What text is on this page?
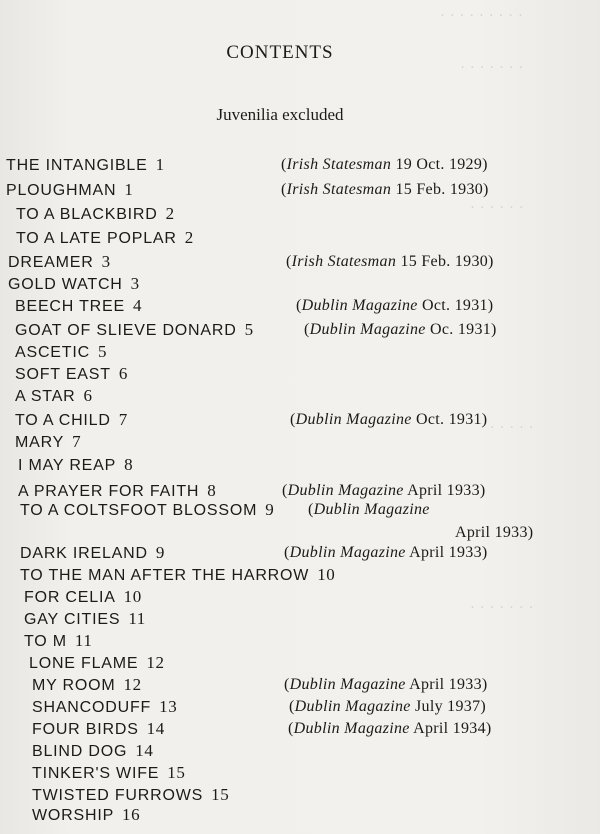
· · · · · · · · ·
· · · · · · ·
· · · · · ·
· · · · · ·
· · · · · · ·
CONTENTS
Juvenilia excluded
THE INTANGIBLE 1	(Irish Statesman 19 Oct. 1929)
PLOUGHMAN 1	(Irish Statesman 15 Feb. 1930)
TO A BLACKBIRD 2
TO A LATE POPLAR 2
DREAMER 3	(Irish Statesman 15 Feb. 1930)
GOLD WATCH 3
BEECH TREE 4	(Dublin Magazine Oct. 1931)
GOAT OF SLIEVE DONARD 5	(Dublin Magazine Oc. 1931)
ASCETIC 5
SOFT EAST 6
A STAR 6
TO A CHILD 7	(Dublin Magazine Oct. 1931)
MARY 7
I MAY REAP 8
A PRAYER FOR FAITH 8	(Dublin Magazine April 1933)
TO A COLTSFOOT BLOSSOM 9 (Dublin Magazine
April 1933)
DARK IRELAND 9	(Dublin Magazine April 1933)
TO THE MAN AFTER THE HARROW 10
FOR CELIA 10
GAY CITIES 11
TO M 11
LONE FLAME 12
MY ROOM 12	(Dublin Magazine April 1933)
SHANCODUFF 13	(Dublin Magazine July 1937)
FOUR BIRDS 14	(Dublin Magazine April 1934)
BLIND DOG 14
TINKER'S WIFE 15
TWISTED FURROWS 15
WORSHIP 16
